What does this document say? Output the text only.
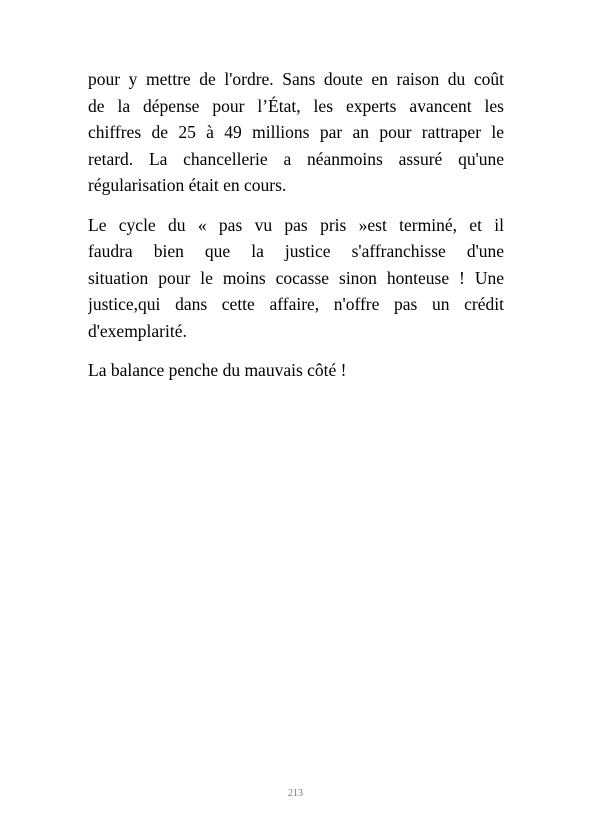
pour y mettre de l'ordre. Sans doute en raison du coût
de la dépense pour l’État, les experts avancent les
chiffres de 25 à 49 millions par an pour rattraper le
retard. La chancellerie a néanmoins assuré qu'une
régularisation était en cours.

Le cycle du « pas vu pas pris »est terminé, et il
faudra bien que la justice s'affranchisse d'une
situation pour le moins cocasse sinon honteuse ! Une
justice,qui dans cette affaire, n'offre pas un crédit
d'exemplarité.

La balance penche du mauvais côté !

213
